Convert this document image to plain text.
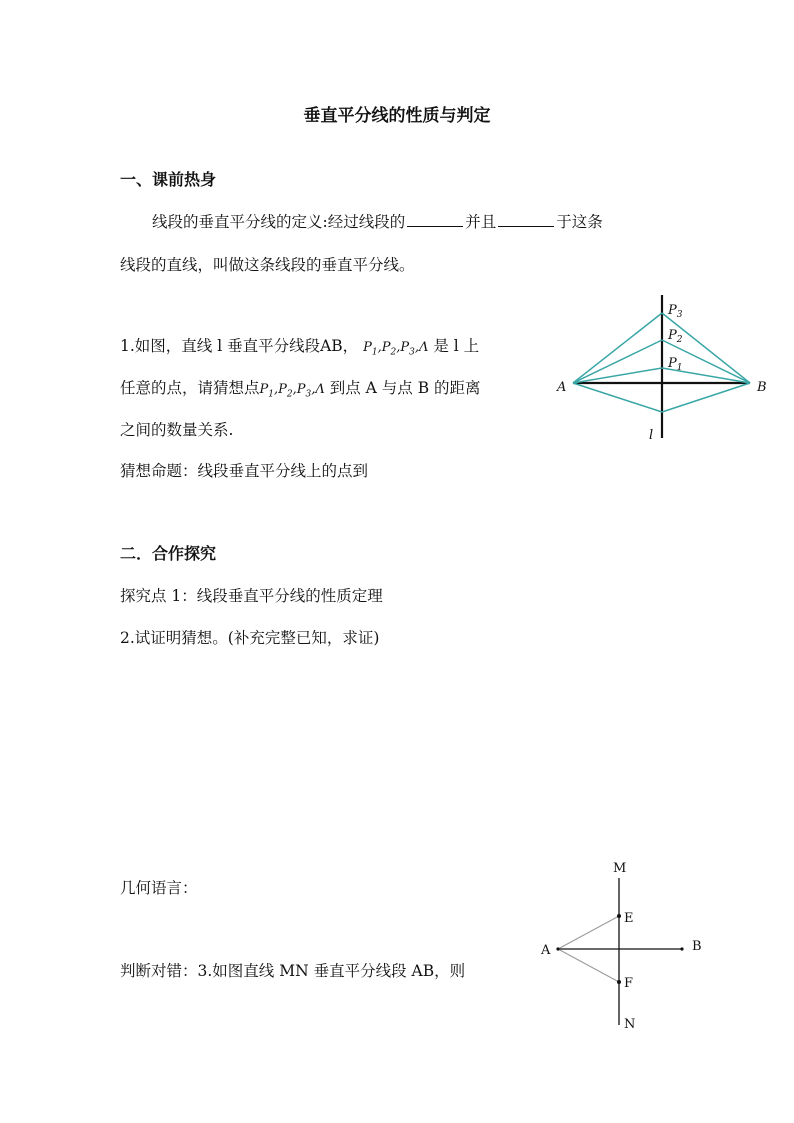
垂直平分线的性质与判定
一、课前热身
线段的垂直平分线的定义:经过线段的	并且	于这条
线段的直线，叫做这条线段的垂直平分线。
1.如图，直线 l 垂直平分线段AB， $P_1,P_2,P_3,\Lambda$ 是 l 上
任意的点，请猜想点$P_1,P_2,P_3,\Lambda$ 到点 A 与点 B 的距离
之间的数量关系.
猜想命题：线段垂直平分线上的点到
$P_3$
$P_2$
$P_1$
A	B
l
二．合作探究
探究点 1：线段垂直平分线的性质定理
2.试证明猜想。(补充完整已知，求证)
几何语言：
判断对错：3.如图直线 MN 垂直平分线段 AB，则
M
N
E
F
A	B
